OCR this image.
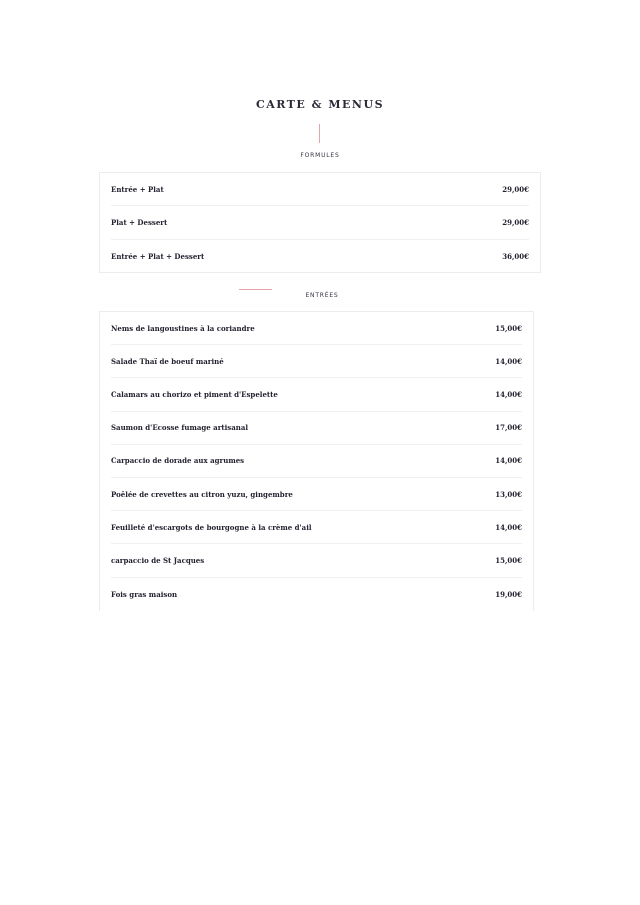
CARTE & MENUS
FORMULES
Entrée + Plat	29,00€
Plat + Dessert	29,00€
Entrée + Plat + Dessert	36,00€
ENTRÉES
Nems de langoustines à la coriandre	15,00€
Salade Thaï de boeuf mariné	14,00€
Calamars au chorizo et piment d'Espelette	14,00€
Saumon d'Ecosse fumage artisanal	17,00€
Carpaccio de dorade aux agrumes	14,00€
Poêlée de crevettes au citron yuzu, gingembre	13,00€
Feuilleté d'escargots de bourgogne à la crème d'ail	14,00€
carpaccio de St Jacques	15,00€
Fois gras maison	19,00€
